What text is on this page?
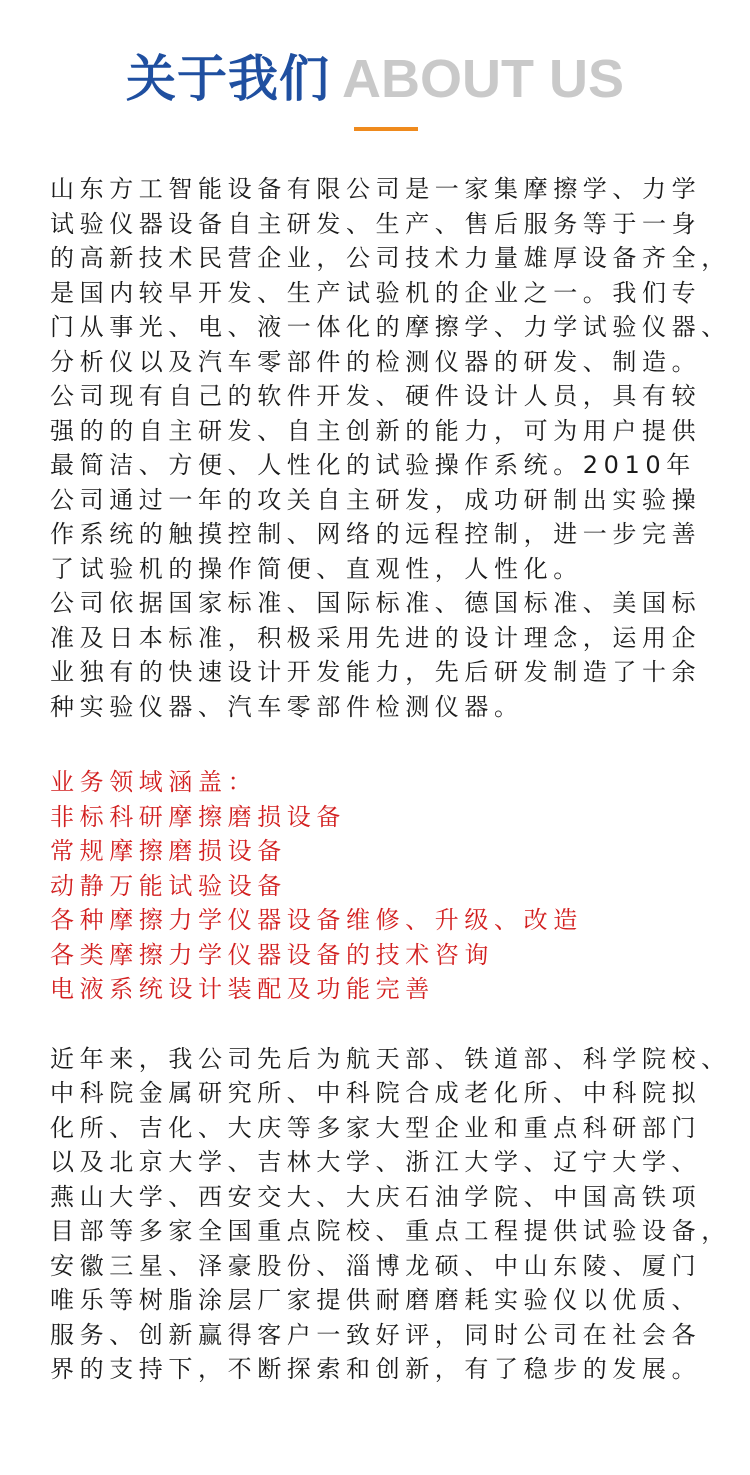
关于我们 ABOUT US
山东方工智能设备有限公司是一家集摩擦学、力学
试验仪器设备自主研发、生产、售后服务等于一身
的高新技术民营企业，公司技术力量雄厚设备齐全，
是国内较早开发、生产试验机的企业之一。我们专
门从事光、电、液一体化的摩擦学、力学试验仪器、
分析仪以及汽车零部件的检测仪器的研发、制造。
公司现有自己的软件开发、硬件设计人员，具有较
强的的自主研发、自主创新的能力，可为用户提供
最简洁、方便、人性化的试验操作系统。2010年
公司通过一年的攻关自主研发，成功研制出实验操
作系统的触摸控制、网络的远程控制，进一步完善
了试验机的操作简便、直观性，人性化。
公司依据国家标准、国际标准、德国标准、美国标
准及日本标准，积极采用先进的设计理念，运用企
业独有的快速设计开发能力，先后研发制造了十余
种实验仪器、汽车零部件检测仪器。
业务领域涵盖：
非标科研摩擦磨损设备
常规摩擦磨损设备
动静万能试验设备
各种摩擦力学仪器设备维修、升级、改造
各类摩擦力学仪器设备的技术咨询
电液系统设计装配及功能完善
近年来，我公司先后为航天部、铁道部、科学院校、
中科院金属研究所、中科院合成老化所、中科院拟
化所、吉化、大庆等多家大型企业和重点科研部门
以及北京大学、吉林大学、浙江大学、辽宁大学、
燕山大学、西安交大、大庆石油学院、中国高铁项
目部等多家全国重点院校、重点工程提供试验设备，
安徽三星、泽豪股份、淄博龙硕、中山东陵、厦门
唯乐等树脂涂层厂家提供耐磨磨耗实验仪以优质、
服务、创新赢得客户一致好评，同时公司在社会各
界的支持下，不断探索和创新，有了稳步的发展。
